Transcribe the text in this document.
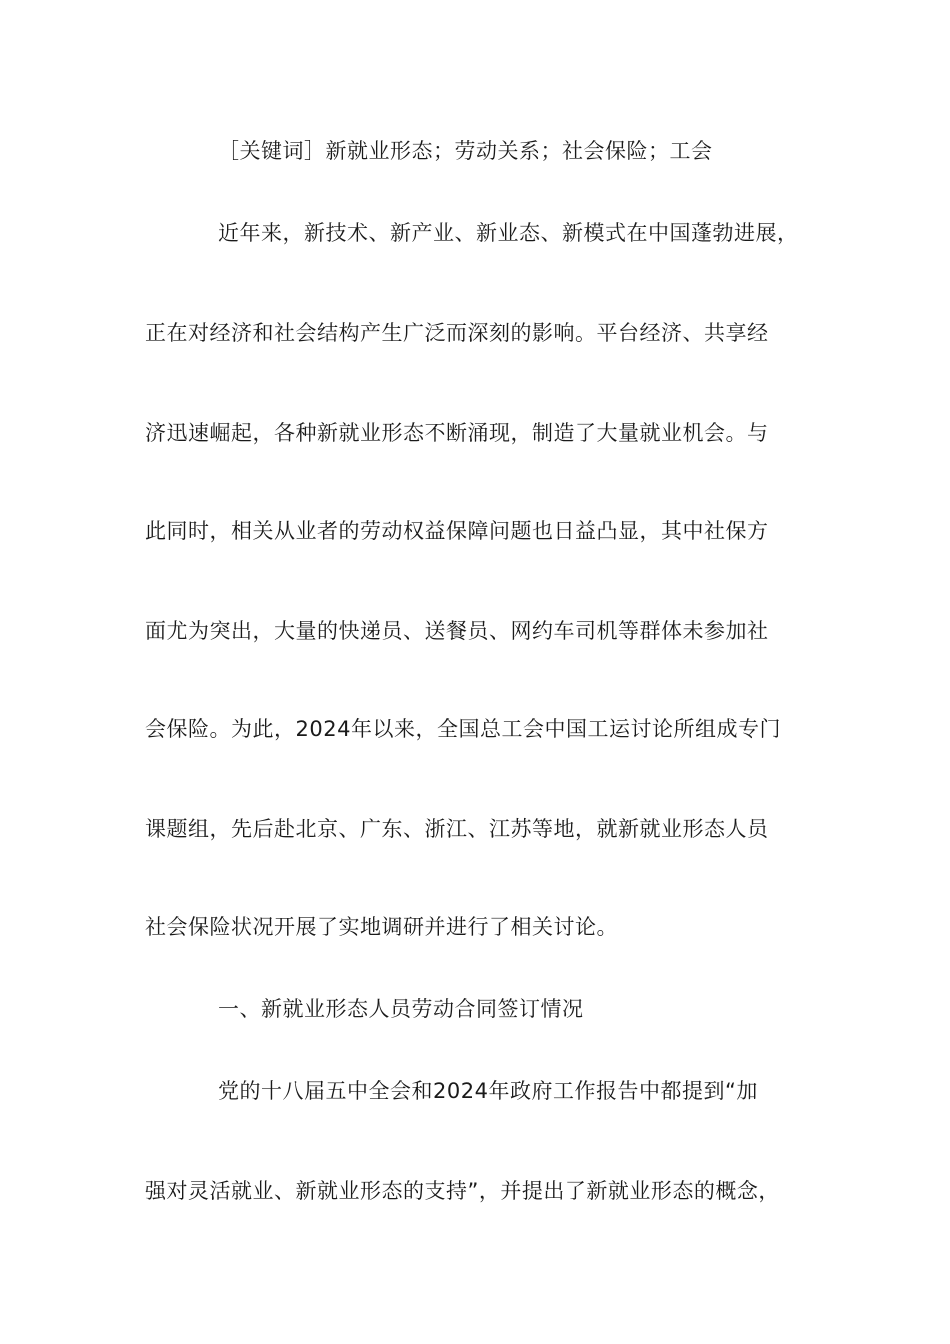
［关键词］新就业形态；劳动关系；社会保险；工会
近年来，新技术、新产业、新业态、新模式在中国蓬勃进展，
正在对经济和社会结构产生广泛而深刻的影响。平台经济、共享经
济迅速崛起，各种新就业形态不断涌现，制造了大量就业机会。与
此同时，相关从业者的劳动权益保障问题也日益凸显，其中社保方
面尤为突出，大量的快递员、送餐员、网约车司机等群体未参加社
会保险。为此，2024年以来，全国总工会中国工运讨论所组成专门
课题组，先后赴北京、广东、浙江、江苏等地，就新就业形态人员
社会保险状况开展了实地调研并进行了相关讨论。
一、新就业形态人员劳动合同签订情况
党的十八届五中全会和2024年政府工作报告中都提到“加
强对灵活就业、新就业形态的支持”，并提出了新就业形态的概念，
